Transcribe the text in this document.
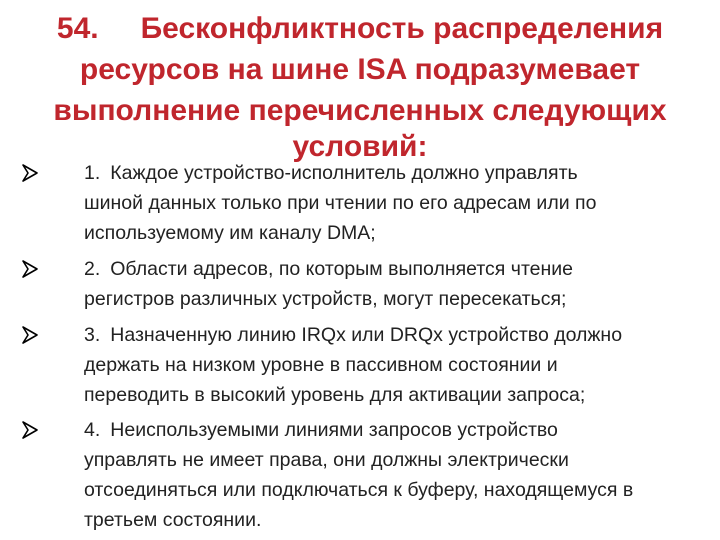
54. Бесконфликтность распределения
ресурсов на шине ISA подразумевает
выполнение перечисленных следующих
условий:
1. Каждое устройство-исполнитель должно управлять
шиной данных только при чтении по его адресам или по
используемому им каналу DMA;
2. Области адресов, по которым выполняется чтение
регистров различных устройств, могут пересекаться;
3. Назначенную линию IRQx или DRQx устройство должно
держать на низком уровне в пассивном состоянии и
переводить в высокий уровень для активации запроса;
4. Неиспользуемыми линиями запросов устройство
управлять не имеет права, они должны электрически
отсоединяться или подключаться к буферу, находящемуся в
третьем состоянии.
